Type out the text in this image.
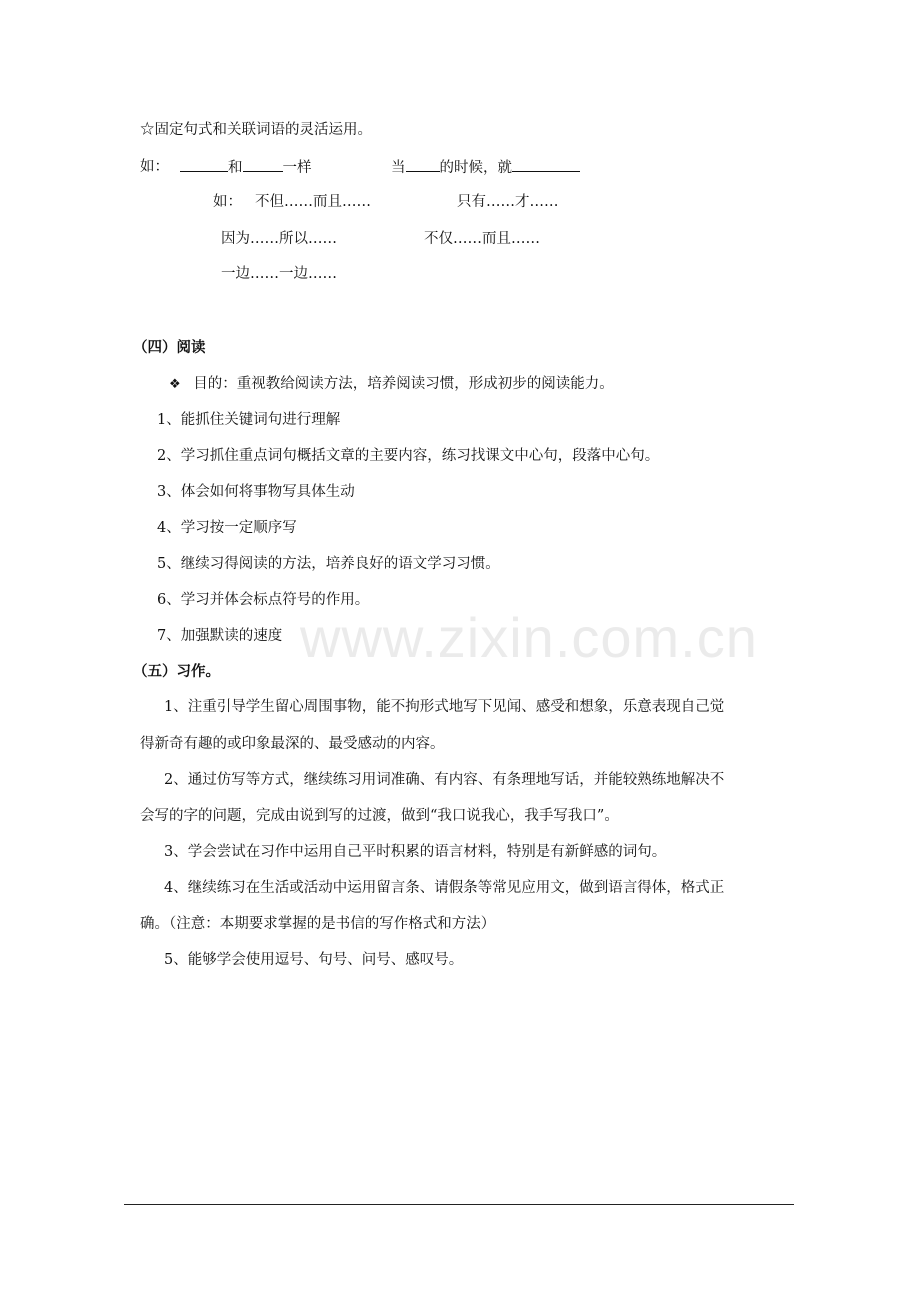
www.zixin.com.cn
☆固定句式和关联词语的灵活运用。
如：	和	一样	当 的时候，就
如： 不但……而且……	只有……才……
因为……所以……	不仅……而且……
一边……一边……
（四）阅读
❖ 目的：重视教给阅读方法，培养阅读习惯，形成初步的阅读能力。
1、能抓住关键词句进行理解
2、学习抓住重点词句概括文章的主要内容，练习找课文中心句，段落中心句。
3、体会如何将事物写具体生动
4、学习按一定顺序写
5、继续习得阅读的方法，培养良好的语文学习习惯。
6、学习并体会标点符号的作用。
7、加强默读的速度
（五）习作。
1、注重引导学生留心周围事物，能不拘形式地写下见闻、感受和想象，乐意表现自己觉
得新奇有趣的或印象最深的、最受感动的内容。
2、通过仿写等方式，继续练习用词准确、有内容、有条理地写话，并能较熟练地解决不
会写的字的问题，完成由说到写的过渡，做到“我口说我心，我手写我口”。
3、学会尝试在习作中运用自己平时积累的语言材料，特别是有新鲜感的词句。
4、继续练习在生活或活动中运用留言条、请假条等常见应用文，做到语言得体，格式正
确。（注意：本期要求掌握的是书信的写作格式和方法）
5、能够学会使用逗号、句号、问号、感叹号。
